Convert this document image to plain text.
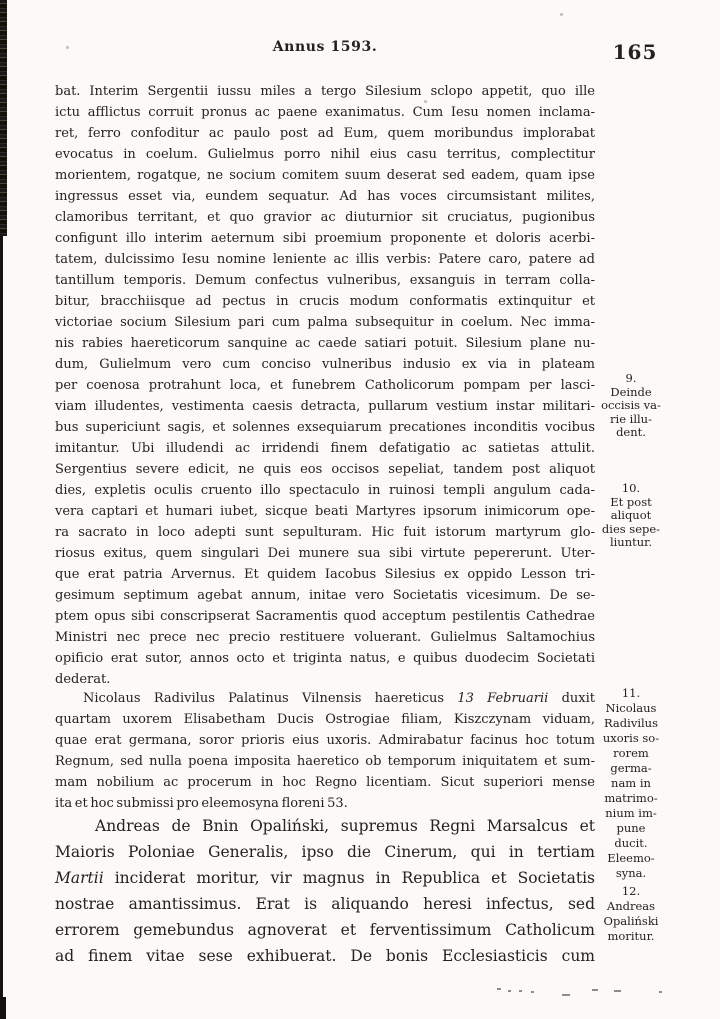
Annus 1593.	165
bat. Interim Sergentii iussu miles a tergo Silesium sclopo appetit, quo ille
ictu afflictus corruit pronus ac paene exanimatus. Cum Iesu nomen inclama-
ret, ferro confoditur ac paulo post ad Eum, quem moribundus implorabat
evocatus in coelum. Gulielmus porro nihil eius casu territus, complectitur
morientem, rogatque, ne socium comitem suum deserat sed eadem, quam ipse
ingressus esset via, eundem sequatur. Ad has voces circumsistant milites,
clamoribus territant, et quo gravior ac diuturnior sit cruciatus, pugionibus
configunt illo interim aeternum sibi proemium proponente et doloris acerbi-
tatem, dulcissimo Iesu nomine leniente ac illis verbis: Patere caro, patere ad
tantillum temporis. Demum confectus vulneribus, exsanguis in terram colla-
bitur, bracchiisque ad pectus in crucis modum conformatis extinquitur et
victoriae socium Silesium pari cum palma subsequitur in coelum. Nec imma-
nis rabies haereticorum sanquine ac caede satiari potuit. Silesium plane nu-
dum, Gulielmum vero cum conciso vulneribus indusio ex via in plateam
per coenosa protrahunt loca, et funebrem Catholicorum pompam per lasci-
viam illudentes, vestimenta caesis detracta, pullarum vestium instar militari-
bus supericiunt sagis, et solennes exsequiarum precationes inconditis vocibus
imitantur. Ubi illudendi ac irridendi finem defatigatio ac satietas attulit.
Sergentius severe edicit, ne quis eos occisos sepeliat, tandem post aliquot
dies, expletis oculis cruento illo spectaculo in ruinosi templi angulum cada-
vera captari et humari iubet, sicque beati Martyres ipsorum inimicorum ope-
ra sacrato in loco adepti sunt sepulturam. Hic fuit istorum martyrum glo-
riosus exitus, quem singulari Dei munere sua sibi virtute pepererunt. Uter-
que erat patria Arvernus. Et quidem Iacobus Silesius ex oppido Lesson tri-
gesimum septimum agebat annum, initae vero Societatis vicesimum. De se-
ptem opus sibi conscripserat Sacramentis quod acceptum pestilentis Cathedrae
Ministri nec prece nec precio restituere voluerant. Gulielmus Saltamochius
opificio erat sutor, annos octo et triginta natus, e quibus duodecim Societati
dederat.
Nicolaus Radivilus Palatinus Vilnensis haereticus 13 Februarii duxit
quartam uxorem Elisabetham Ducis Ostrogiae filiam, Kiszczynam viduam,
quae erat germana, soror prioris eius uxoris. Admirabatur facinus hoc totum
Regnum, sed nulla poena imposita haeretico ob temporum iniquitatem et sum-
mam nobilium ac procerum in hoc Regno licentiam. Sicut superiori mense
ita et hoc submissi pro eleemosyna floreni 53.
Andreas de Bnin Opaliński, supremus Regni Marsalcus et
Maioris Poloniae Generalis, ipso die Cinerum, qui in tertiam
Martii inciderat moritur, vir magnus in Republica et Societatis
nostrae amantissimus. Erat is aliquando heresi infectus, sed
errorem gemebundus agnoverat et ferventissimum Catholicum
ad finem vitae sese exhibuerat. De bonis Ecclesiasticis cum
9.
Deinde
occisis va-
rie illu-
dent.
10.
Et post
aliquot
dies sepe-
liuntur.
11.
Nicolaus
Radivilus
uxoris so-
rorem
germa-
nam in
matrimo-
nium im-
pune
ducit.
Eleemo-
syna.
12.
Andreas
Opaliński
moritur.
